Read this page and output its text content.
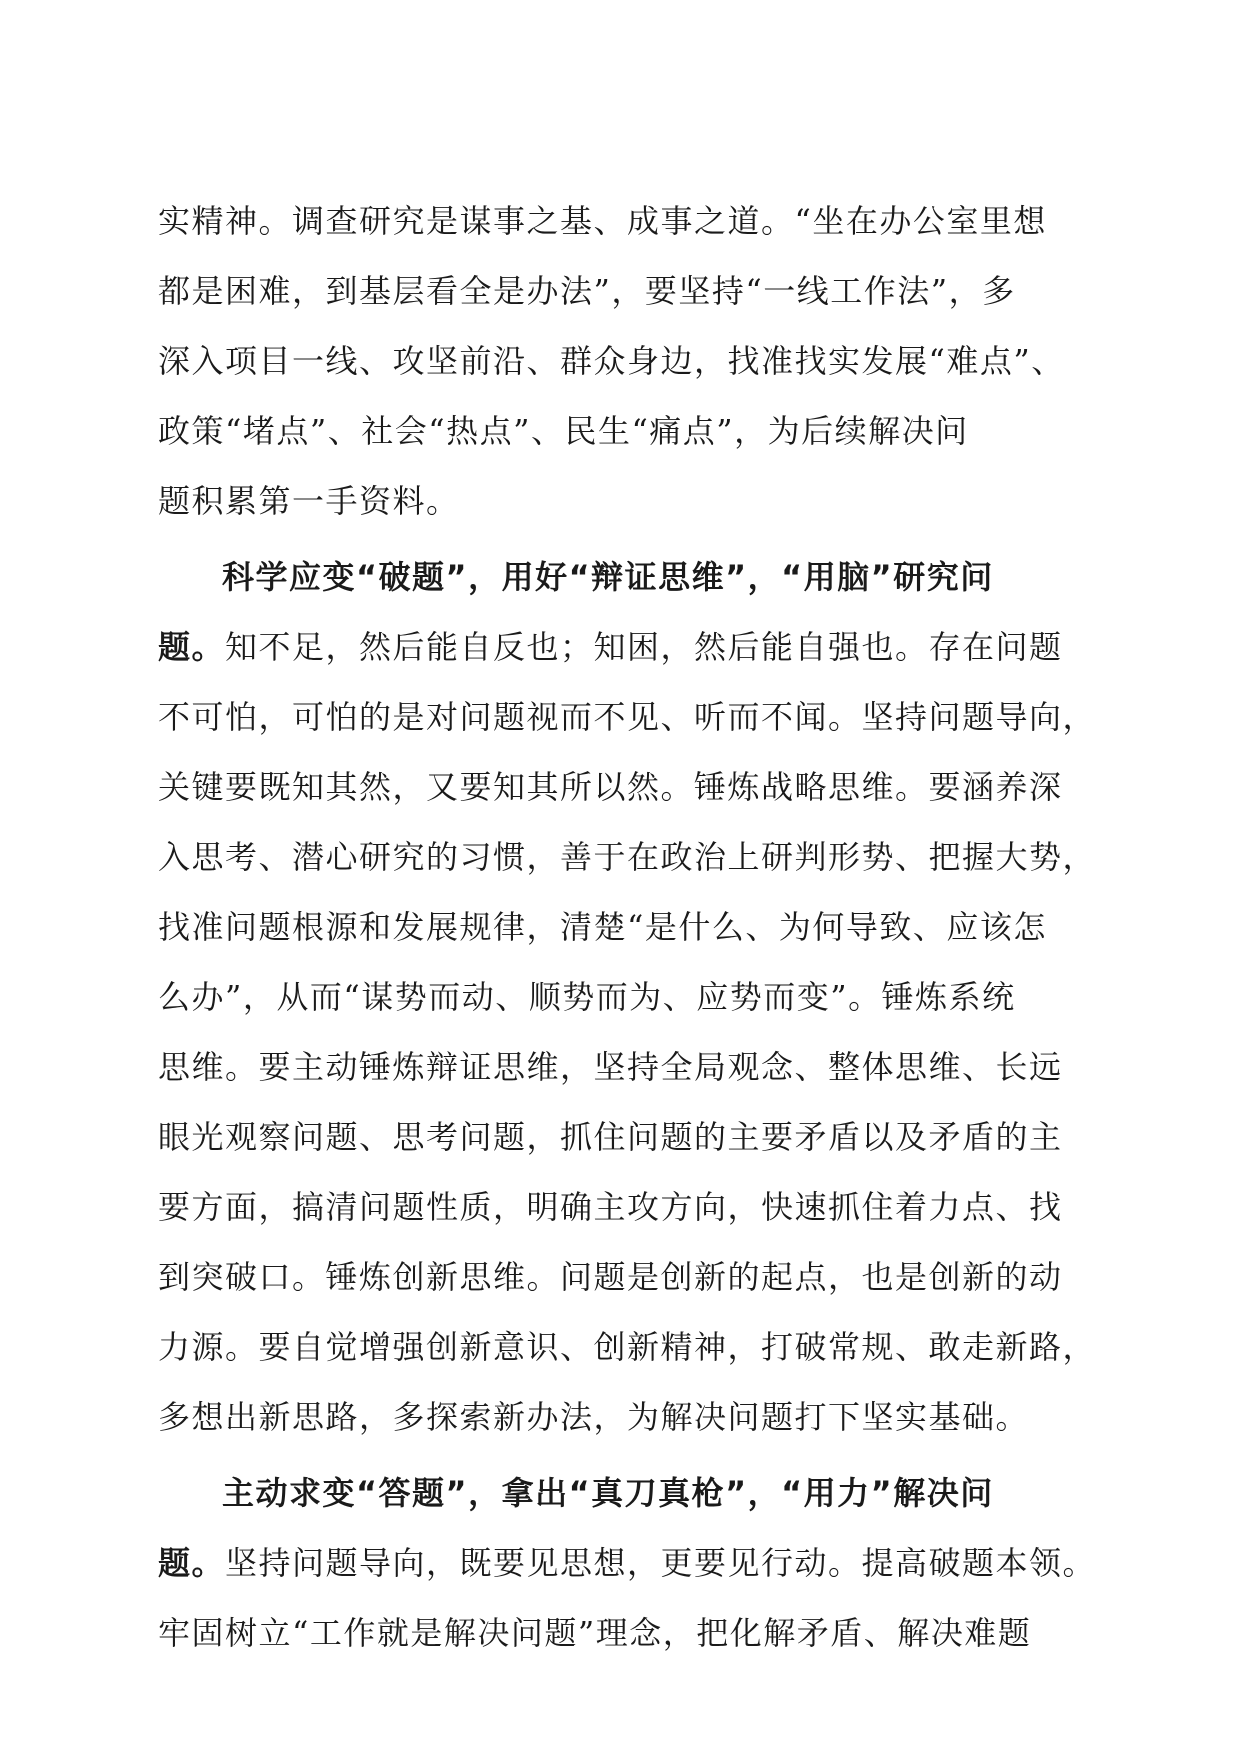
实精神。调查研究是谋事之基、成事之道。“坐在办公室里想
都是困难，到基层看全是办法”，要坚持“一线工作法”，多
深入项目一线、攻坚前沿、群众身边，找准找实发展“难点”、
政策“堵点”、社会“热点”、民生“痛点”，为后续解决问
题积累第一手资料。
科学应变“破题”，用好“辩证思维”，“用脑”研究问
题。知不足，然后能自反也；知困，然后能自强也。存在问题
不可怕，可怕的是对问题视而不见、听而不闻。坚持问题导向，
关键要既知其然，又要知其所以然。锤炼战略思维。要涵养深
入思考、潜心研究的习惯，善于在政治上研判形势、把握大势，
找准问题根源和发展规律，清楚“是什么、为何导致、应该怎
么办”，从而“谋势而动、顺势而为、应势而变”。锤炼系统
思维。要主动锤炼辩证思维，坚持全局观念、整体思维、长远
眼光观察问题、思考问题，抓住问题的主要矛盾以及矛盾的主
要方面，搞清问题性质，明确主攻方向，快速抓住着力点、找
到突破口。锤炼创新思维。问题是创新的起点，也是创新的动
力源。要自觉增强创新意识、创新精神，打破常规、敢走新路，
多想出新思路，多探索新办法，为解决问题打下坚实基础。
主动求变“答题”，拿出“真刀真枪”，“用力”解决问
题。坚持问题导向，既要见思想，更要见行动。提高破题本领。
牢固树立“工作就是解决问题”理念，把化解矛盾、解决难题
